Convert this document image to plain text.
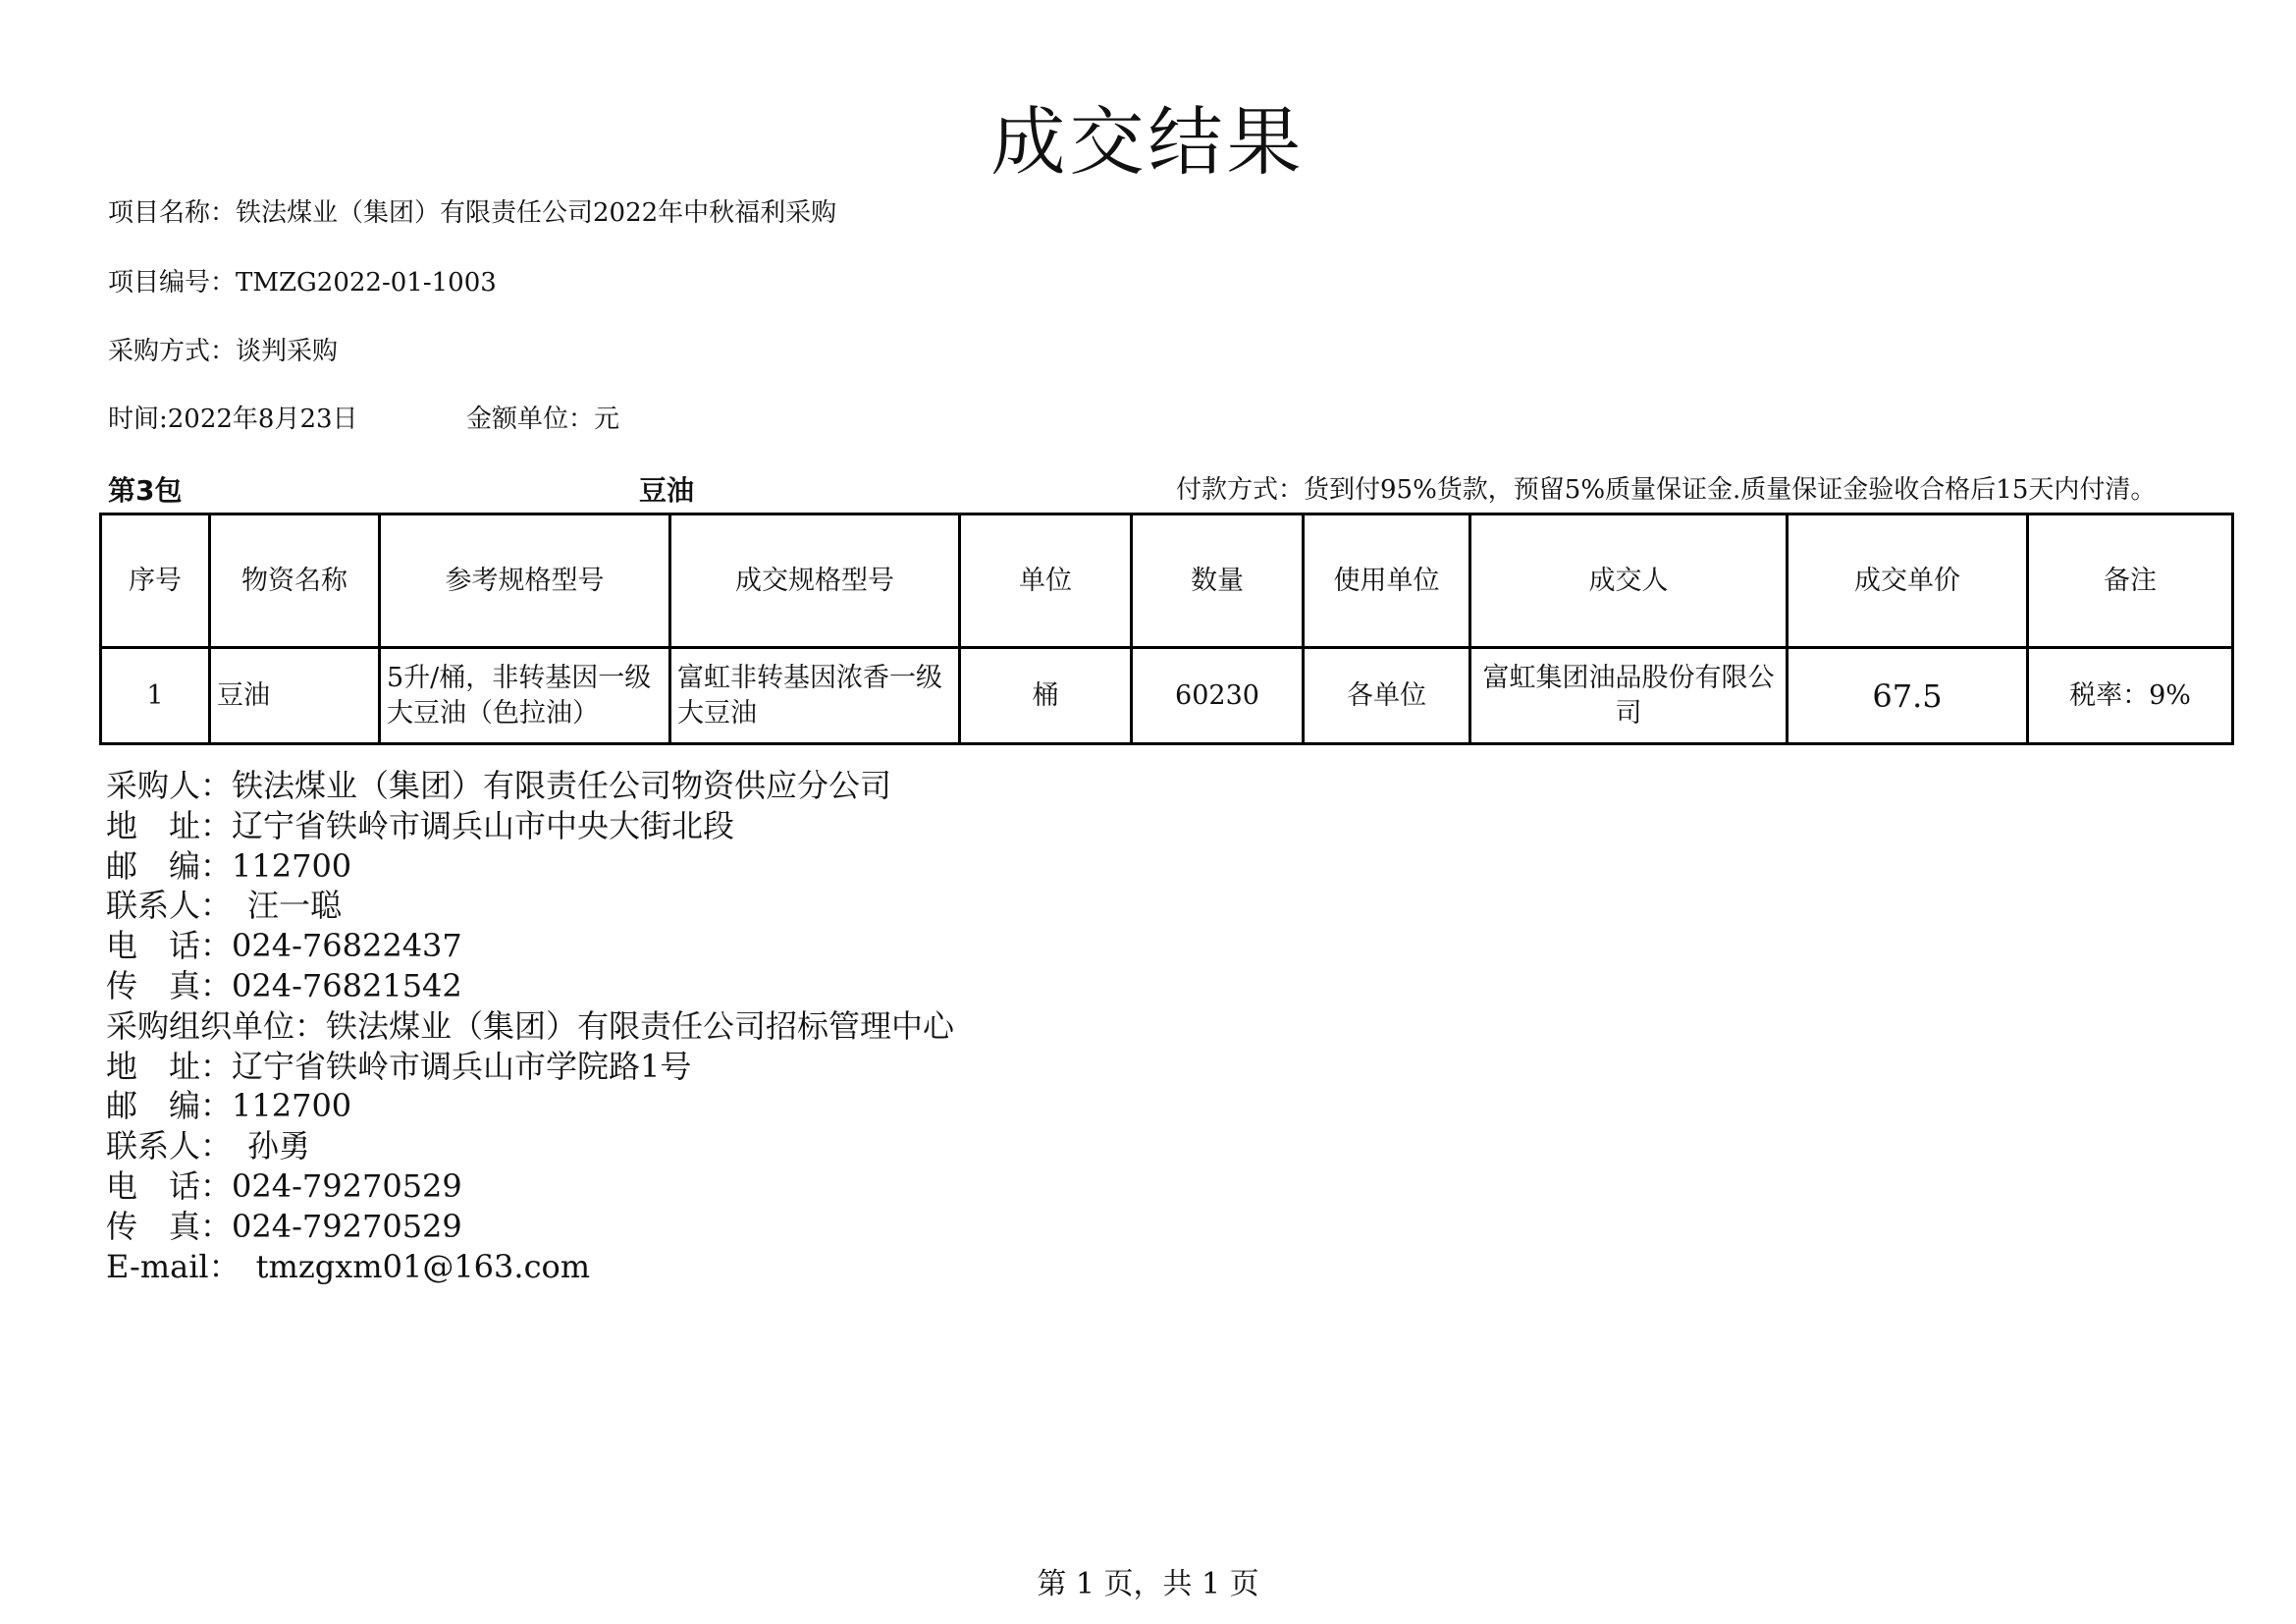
成交结果
项目名称：铁法煤业（集团）有限责任公司2022年中秋福利采购
项目编号：TMZG2022-01-1003
采购方式：谈判采购
时间:2022年8月23日	金额单位：元
第3包	豆油	付款方式：货到付95%货款，预留5%质量保证金.质量保证金验收合格后15天内付清。
序号	物资名称	参考规格型号	成交规格型号	单位	数量	使用单位	成交人	成交单价	备注
1	豆油	5升/桶，非转基因一级大豆油（色拉油）	富虹非转基因浓香一级大豆油	桶	60230	各单位	富虹集团油品股份有限公司	67.5	税率：9%
采购人：铁法煤业（集团）有限责任公司物资供应分公司
地　址：辽宁省铁岭市调兵山市中央大街北段
邮　编：112700
联系人：　汪一聪
电　话：024-76822437
传　真：024-76821542
采购组织单位：铁法煤业（集团）有限责任公司招标管理中心
地　址：辽宁省铁岭市调兵山市学院路1号
邮　编：112700
联系人：　孙勇
电　话：024-79270529
传　真：024-79270529
E-mail：　tmzgxm01@163.com
第 1 页，共 1 页
